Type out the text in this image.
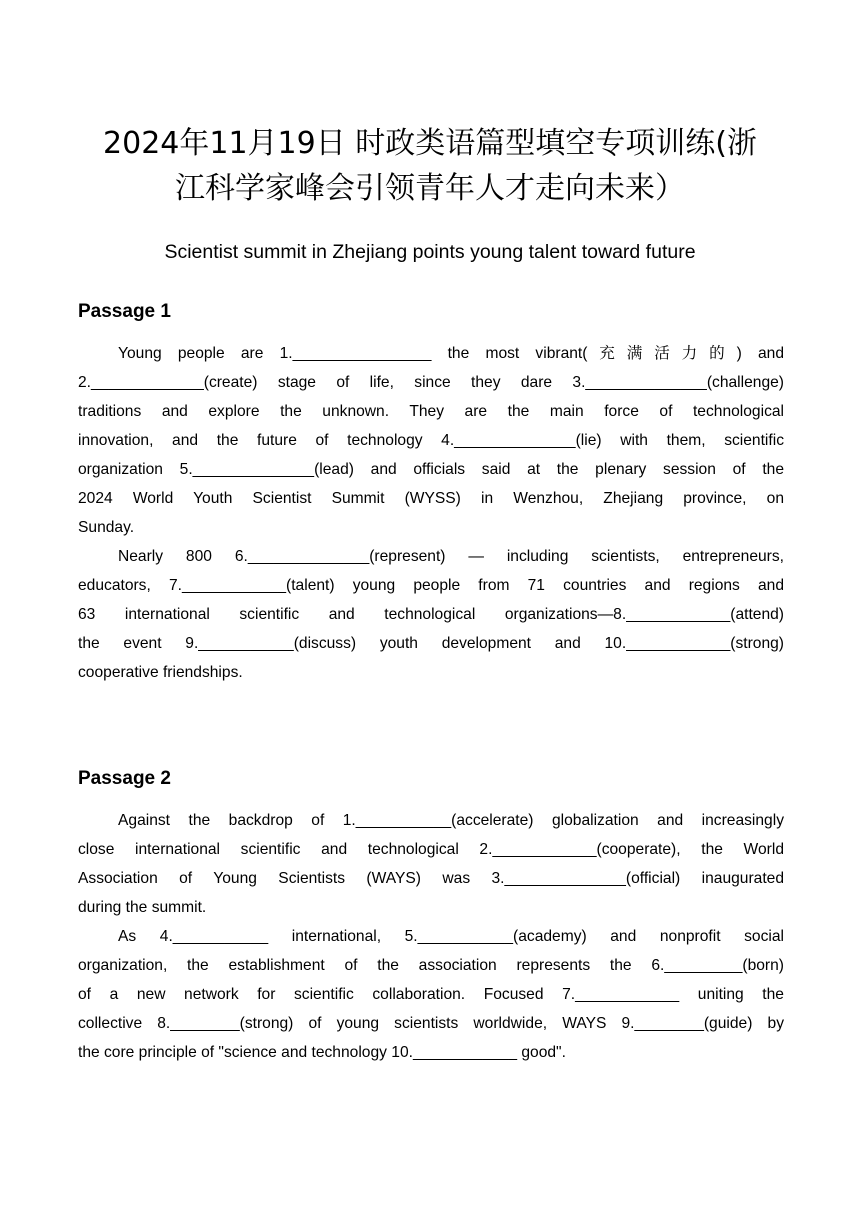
2024年11月19日 时政类语篇型填空专项训练(浙
江科学家峰会引领青年人才走向未来）

Scientist summit in Zhejiang points young talent toward future

Passage 1

Young people are 1.________________ the most vibrant(充满活力的) and

2._____________(create) stage of life, since they dare 3.______________(challenge)

traditions and explore the unknown. They are the main force of technological

innovation, and the future of technology 4.______________(lie) with them, scientific

organization 5.______________(lead) and officials said at the plenary session of the

2024 World Youth Scientist Summit (WYSS) in Wenzhou, Zhejiang province, on

Sunday.

Nearly 800 6.______________(represent) — including scientists, entrepreneurs,

educators, 7.____________(talent) young people from 71 countries and regions and

63 international scientific and technological organizations—8.____________(attend)

the event 9.___________(discuss) youth development and 10.____________(strong)

cooperative friendships.

Passage 2

Against the backdrop of 1.___________(accelerate) globalization and increasingly

close international scientific and technological 2.____________(cooperate), the World

Association of Young Scientists (WAYS) was 3.______________(official) inaugurated

during the summit.

As 4.___________ international, 5.___________(academy) and nonprofit social

organization, the establishment of the association represents the 6._________(born)

of a new network for scientific collaboration. Focused 7.____________ uniting the

collective 8.________(strong) of young scientists worldwide, WAYS 9.________(guide) by

the core principle of "science and technology 10.____________ good".
